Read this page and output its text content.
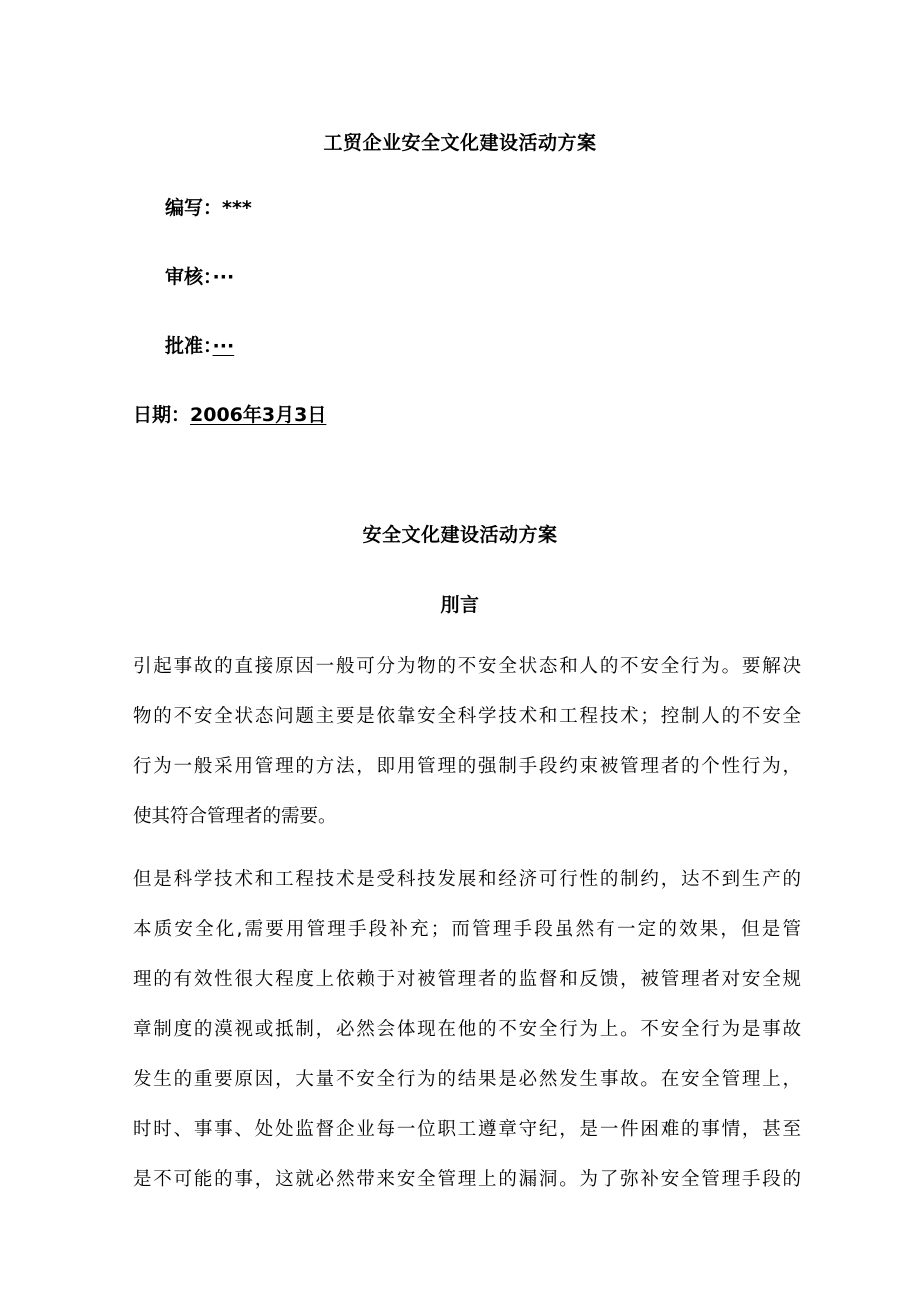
工贸企业安全文化建设活动方案
编写：***
审核：···
批准：···
日期：2006年3月3日
安全文化建设活动方案
刖言
引起事故的直接原因一般可分为物的不安全状态和人的不安全行为。要解决
物的不安全状态问题主要是依靠安全科学技术和工程技术；控制人的不安全
行为一般采用管理的方法，即用管理的强制手段约束被管理者的个性行为，
使其符合管理者的需要。
但是科学技术和工程技术是受科技发展和经济可行性的制约，达不到生产的
本质安全化,需要用管理手段补充；而管理手段虽然有一定的效果，但是管
理的有效性很大程度上依赖于对被管理者的监督和反馈，被管理者对安全规
章制度的漠视或抵制，必然会体现在他的不安全行为上。不安全行为是事故
发生的重要原因，大量不安全行为的结果是必然发生事故。在安全管理上，
时时、事事、处处监督企业每一位职工遵章守纪，是一件困难的事情，甚至
是不可能的事，这就必然带来安全管理上的漏洞。为了弥补安全管理手段的
